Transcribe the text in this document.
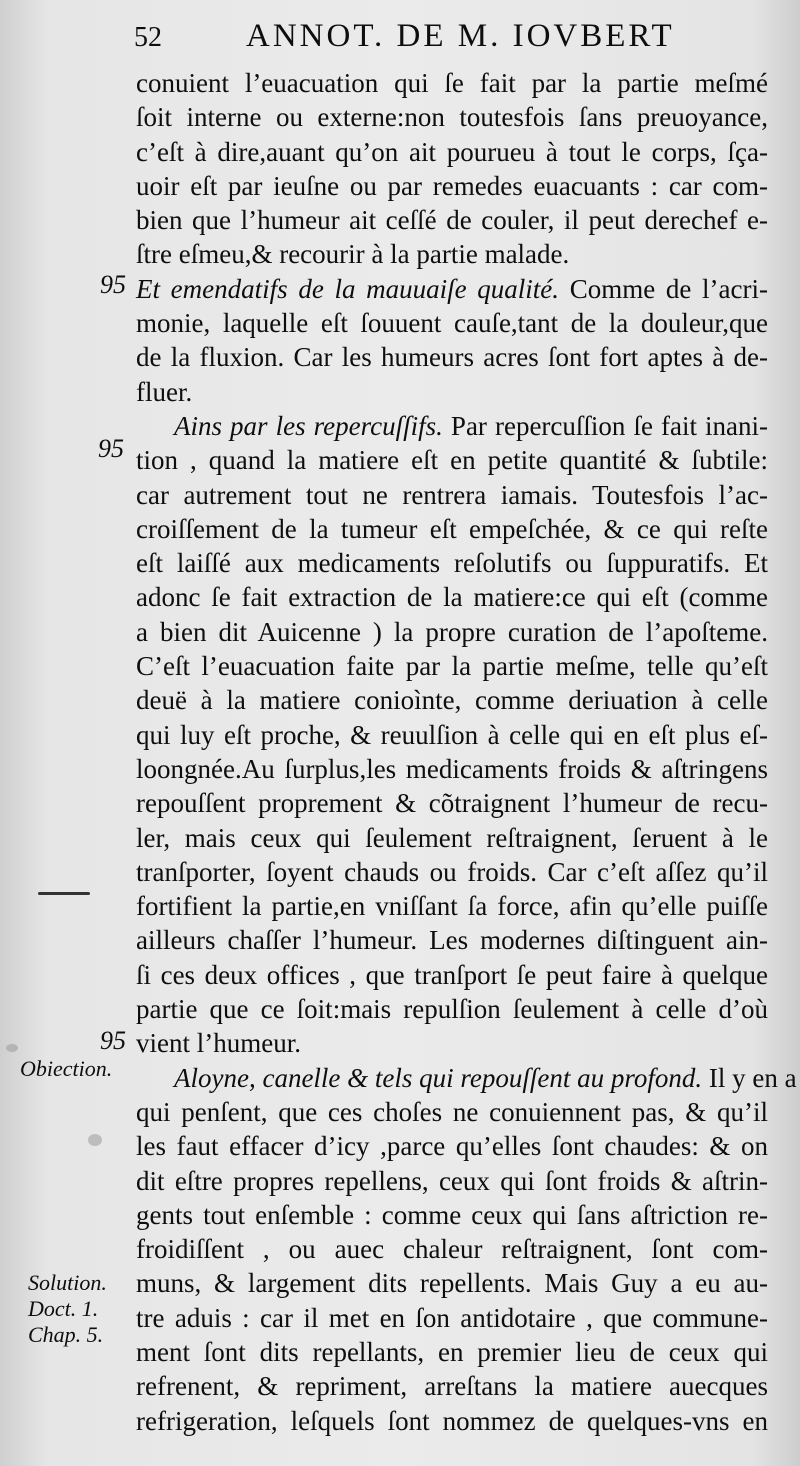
52	ANNOT. DE M. IOVBERT
conuient l’euacuation qui ſe fait par la partie meſmé
ſoit interne ou externe:non toutesfois ſans preuoyance,
c’eſt à dire,auant qu’on ait pourueu à tout le corps, ſça-
uoir eſt par ieuſne ou par remedes euacuants : car com-
bien que l’humeur ait ceſſé de couler, il peut derechef e-
ſtre eſmeu,& recourir à la partie malade.
Et emendatifs de la mauuaiſe qualité. Comme de l’acri-
monie, laquelle eſt ſouuent cauſe,tant de la douleur,que
de la fluxion. Car les humeurs acres ſont fort aptes à de-
fluer.
Ains par les repercuſſifs. Par repercuſſion ſe fait inani-
tion , quand la matiere eſt en petite quantité & ſubtile:
car autrement tout ne rentrera iamais. Toutesfois l’ac-
croiſſement de la tumeur eſt empeſchée, & ce qui reſte
eſt laiſſé aux medicaments reſolutifs ou ſuppuratifs. Et
adonc ſe fait extraction de la matiere:ce qui eſt (comme
a bien dit Auicenne ) la propre curation de l’apoſteme.
C’eſt l’euacuation faite par la partie meſme, telle qu’eſt
deuë à la matiere conioìnte, comme deriuation à celle
qui luy eſt proche, & reuulſion à celle qui en eſt plus eſ-
loongnée.Au ſurplus,les medicaments froids & aſtringens
repouſſent proprement & cõtraignent l’humeur de recu-
ler, mais ceux qui ſeulement reſtraignent, ſeruent à le
tranſporter, ſoyent chauds ou froids. Car c’eſt aſſez qu’il
fortifient la partie,en vniſſant ſa force, afin qu’elle puiſſe
ailleurs chaſſer l’humeur. Les modernes diſtinguent ain-
ſi ces deux offices , que tranſport ſe peut faire à quelque
partie que ce ſoit:mais repulſion ſeulement à celle d’où
vient l’humeur.
Aloyne, canelle & tels qui repouſſent au profond. Il y en a
qui penſent, que ces choſes ne conuiennent pas, & qu’il
les faut effacer d’icy ,parce qu’elles ſont chaudes: & on
dit eſtre propres repellens, ceux qui ſont froids & aſtrin-
gents tout enſemble : comme ceux qui ſans aſtriction re-
froidiſſent , ou auec chaleur reſtraignent, ſont com-
muns, & largement dits repellents. Mais Guy a eu au-
tre aduis : car il met en ſon antidotaire , que commune-
ment ſont dits repellants, en premier lieu de ceux qui
refrenent, & repriment, arreſtans la matiere auecques
refrigeration, leſquels ſont nommez de quelques-vns en
95
95
95
Obiection.
Solution.
Doct. 1.
Chap. 5.
